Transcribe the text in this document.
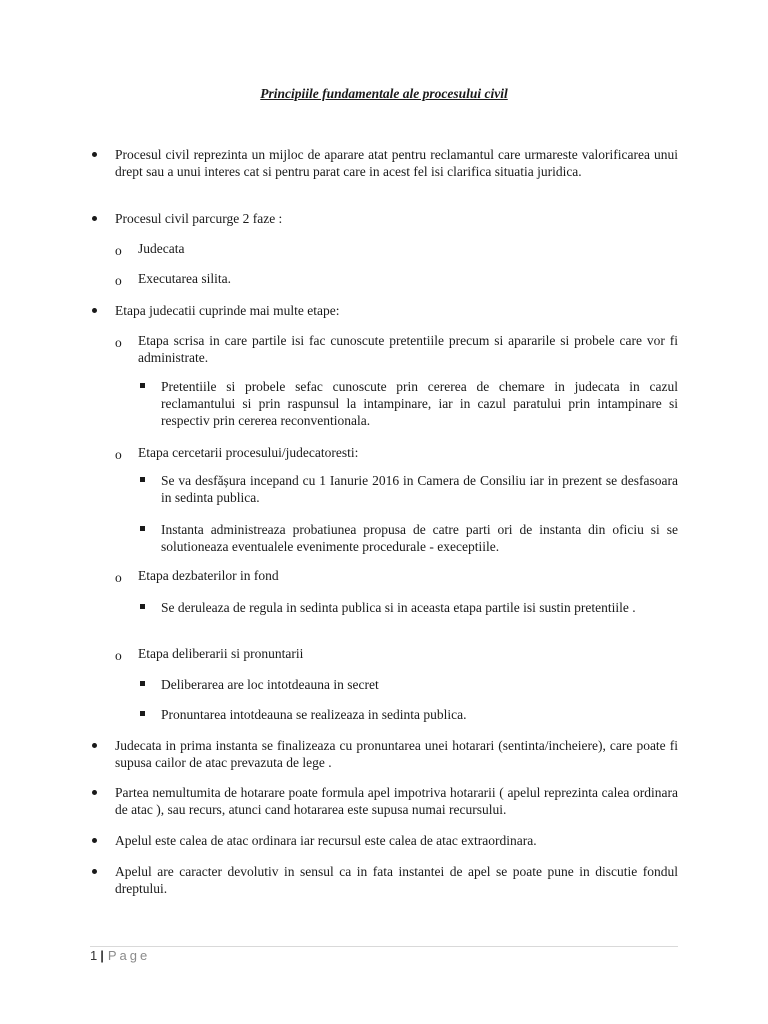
Principiile fundamentale ale procesului civil
Procesul civil reprezinta un mijloc de aparare atat pentru reclamantul care urmareste valorificarea unui drept sau a unui interes cat si pentru parat care in acest fel isi clarifica situatia juridica.
Procesul civil parcurge 2 faze :
o Judecata
o Executarea silita.
Etapa judecatii cuprinde mai multe etape:
o Etapa scrisa in care partile isi fac cunoscute pretentiile precum si apararile si probele care vor fi administrate.
Pretentiile si probele sefac cunoscute prin cererea de chemare in judecata in cazul reclamantului si prin raspunsul la intampinare, iar in cazul paratului prin intampinare si respectiv prin cererea reconventionala.
o Etapa cercetarii procesului/judecatoresti:
Se va desfășura incepand cu 1 Ianurie 2016 in Camera de Consiliu iar in prezent se desfasoara in sedinta publica.
Instanta administreaza probatiunea propusa de catre parti ori de instanta din oficiu si se solutioneaza eventualele evenimente procedurale - execeptiile.
o Etapa dezbaterilor in fond
Se deruleaza de regula in sedinta publica si in aceasta etapa partile isi sustin pretentiile .
o Etapa deliberarii si pronuntarii
Deliberarea are loc intotdeauna in secret
Pronuntarea intotdeauna se realizeaza in sedinta publica.
Judecata in prima instanta se finalizeaza cu pronuntarea unei hotarari (sentinta/incheiere), care poate fi supusa cailor de atac prevazuta de lege .
Partea nemultumita de hotarare poate formula apel impotriva hotararii ( apelul reprezinta calea ordinara de atac ), sau recurs, atunci cand hotararea este supusa numai recursului.
Apelul este calea de atac ordinara iar recursul este calea de atac extraordinara.
Apelul are caracter devolutiv in sensul ca in fata instantei de apel se poate pune in discutie fondul dreptului.
1 | Page
